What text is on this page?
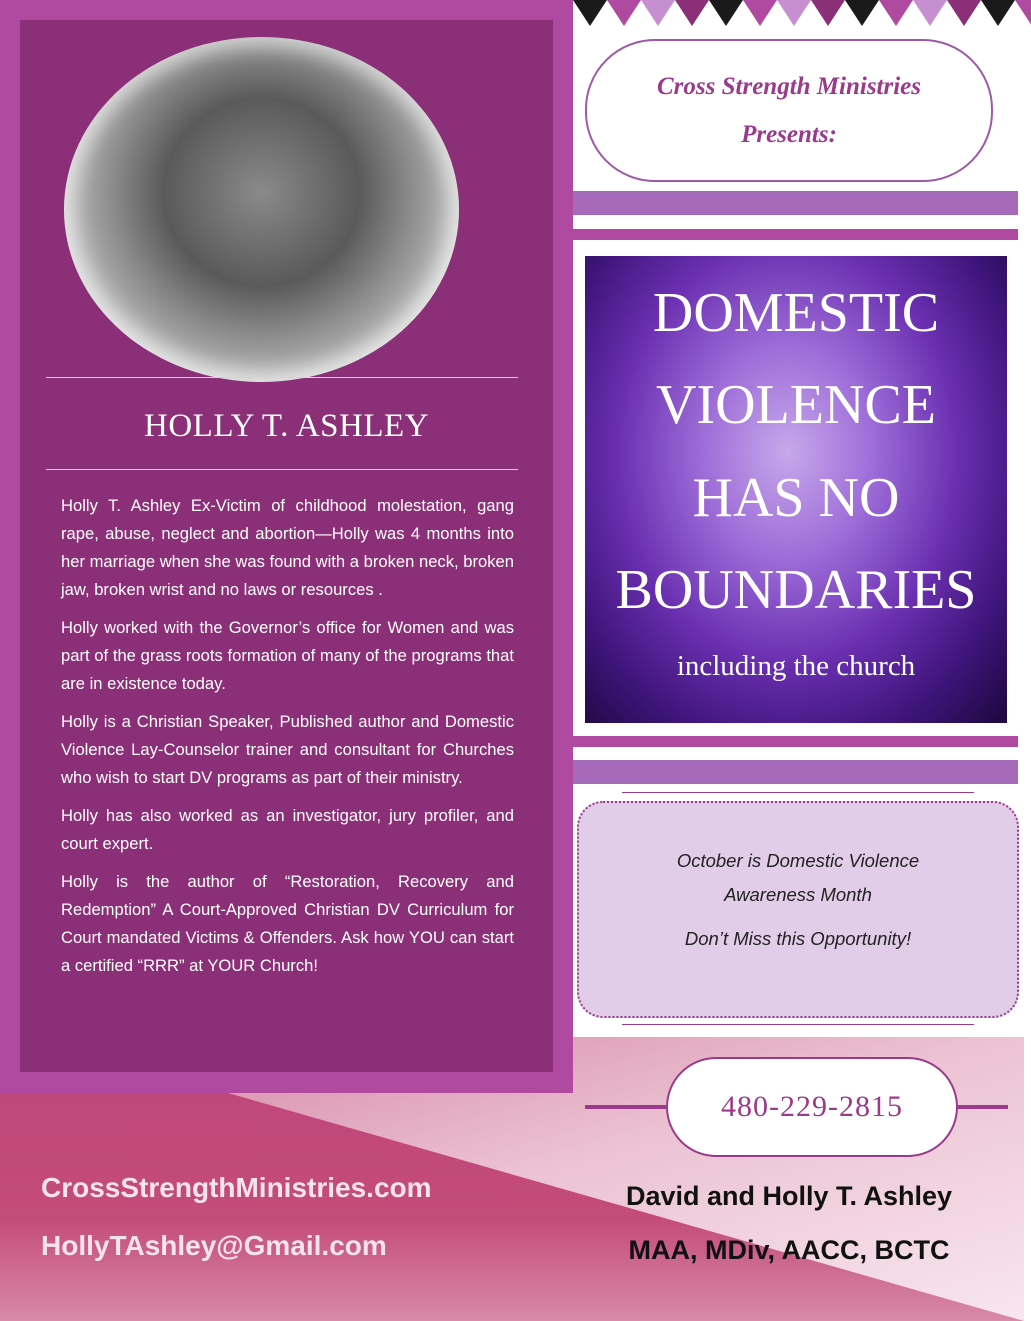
HOLLY T. ASHLEY

Holly T. Ashley Ex-Victim of childhood molestation, gang rape, abuse, neglect and abortion—Holly was 4 months into her marriage when she was found with a broken neck, broken jaw, broken wrist and no laws or resources .

Holly worked with the Governor’s office for Women and was part of the grass roots formation of many of the programs that are in existence today.

Holly is a Christian Speaker, Published author and Domestic Violence Lay-Counselor trainer and consultant for Churches who wish to start DV programs as part of their ministry.

Holly has also worked as an investigator, jury profiler, and court expert.

Holly is the author of “Restoration, Recovery and Redemption” A Court-Approved Christian DV Curriculum for Court mandated Victims & Offenders. Ask how YOU can start a certified “RRR” at YOUR Church!

Cross Strength Ministries
Presents:
DOMESTIC
VIOLENCE
HAS NO
BOUNDARIES
including the church
October is Domestic Violence
Awareness Month
Don’t Miss this Opportunity!
CrossStrengthMinistries.com
HollyTAshley@Gmail.com
480-229-2815
David and Holly T. Ashley
MAA, MDiv, AACC, BCTC
